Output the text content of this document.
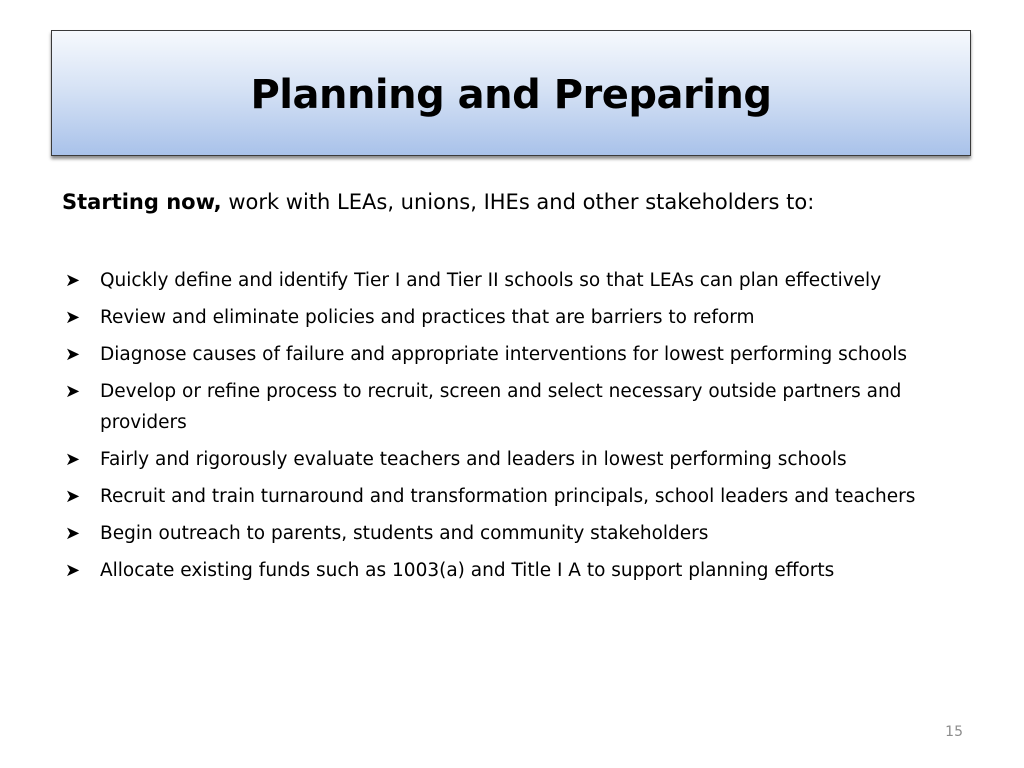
Planning and Preparing
Starting now, work with LEAs, unions, IHEs and other stakeholders to:
➤ Quickly define and identify Tier I and Tier II schools so that LEAs can plan effectively
➤ Review and eliminate policies and practices that are barriers to reform
➤ Diagnose causes of failure and appropriate interventions for lowest performing schools
➤ Develop or refine process to recruit, screen and select necessary outside partners and providers
➤ Fairly and rigorously evaluate teachers and leaders in lowest performing schools
➤ Recruit and train turnaround and transformation principals, school leaders and teachers
➤ Begin outreach to parents, students and community stakeholders
➤ Allocate existing funds such as 1003(a) and Title I A to support planning efforts
15
